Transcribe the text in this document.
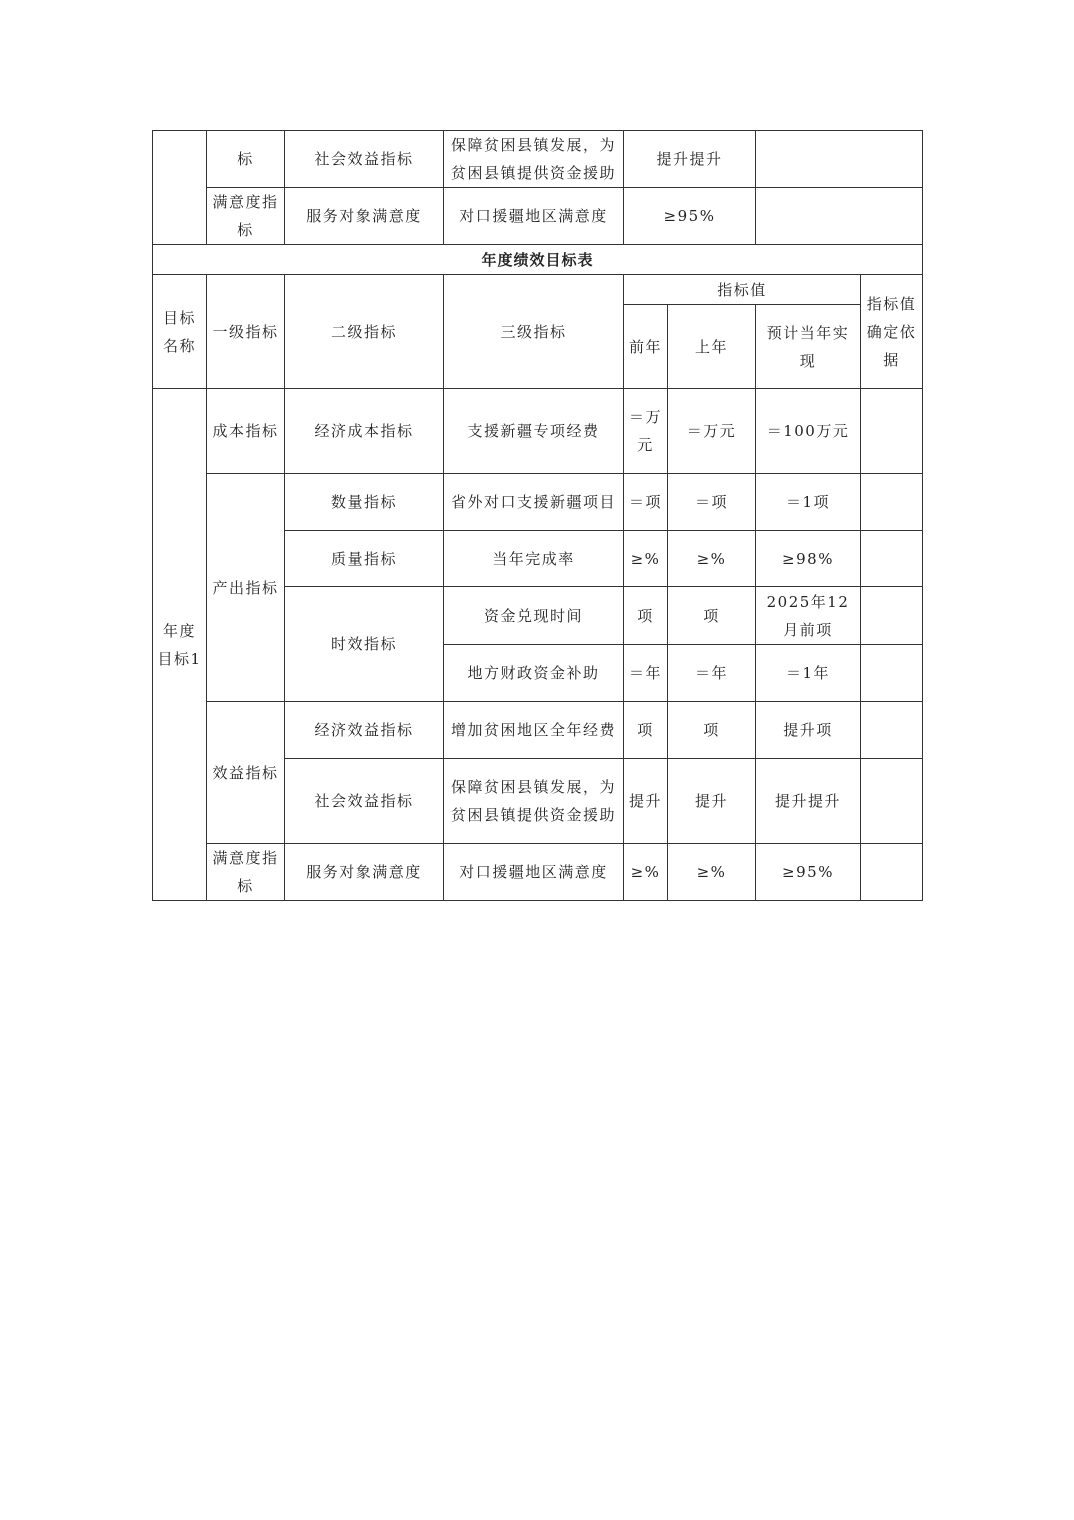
	标	社会效益指标	保障贫困县镇发展，为贫困县镇提供资金援助	提升提升			
	满意度指标	服务对象满意度	对口援疆地区满意度	≥95%			
年度绩效目标表							
目标名称	一级指标	二级指标	三级指标	指标值			指标值确定依据
				前年	上年	预计当年实现	
年度目标1	成本指标	经济成本指标	支援新疆专项经费	＝万元	＝万元	＝100万元	
	产出指标	数量指标	省外对口支援新疆项目	＝项	＝项	＝1项	
		质量指标	当年完成率	≥%	≥%	≥98%	
		时效指标	资金兑现时间	项	项	2025年12月前项	
			地方财政资金补助	＝年	＝年	＝1年	
	效益指标	经济效益指标	增加贫困地区全年经费	项	项	提升项	
		社会效益指标	保障贫困县镇发展，为贫困县镇提供资金援助	提升	提升	提升提升	
	满意度指标	服务对象满意度	对口援疆地区满意度	≥%	≥%	≥95%	
